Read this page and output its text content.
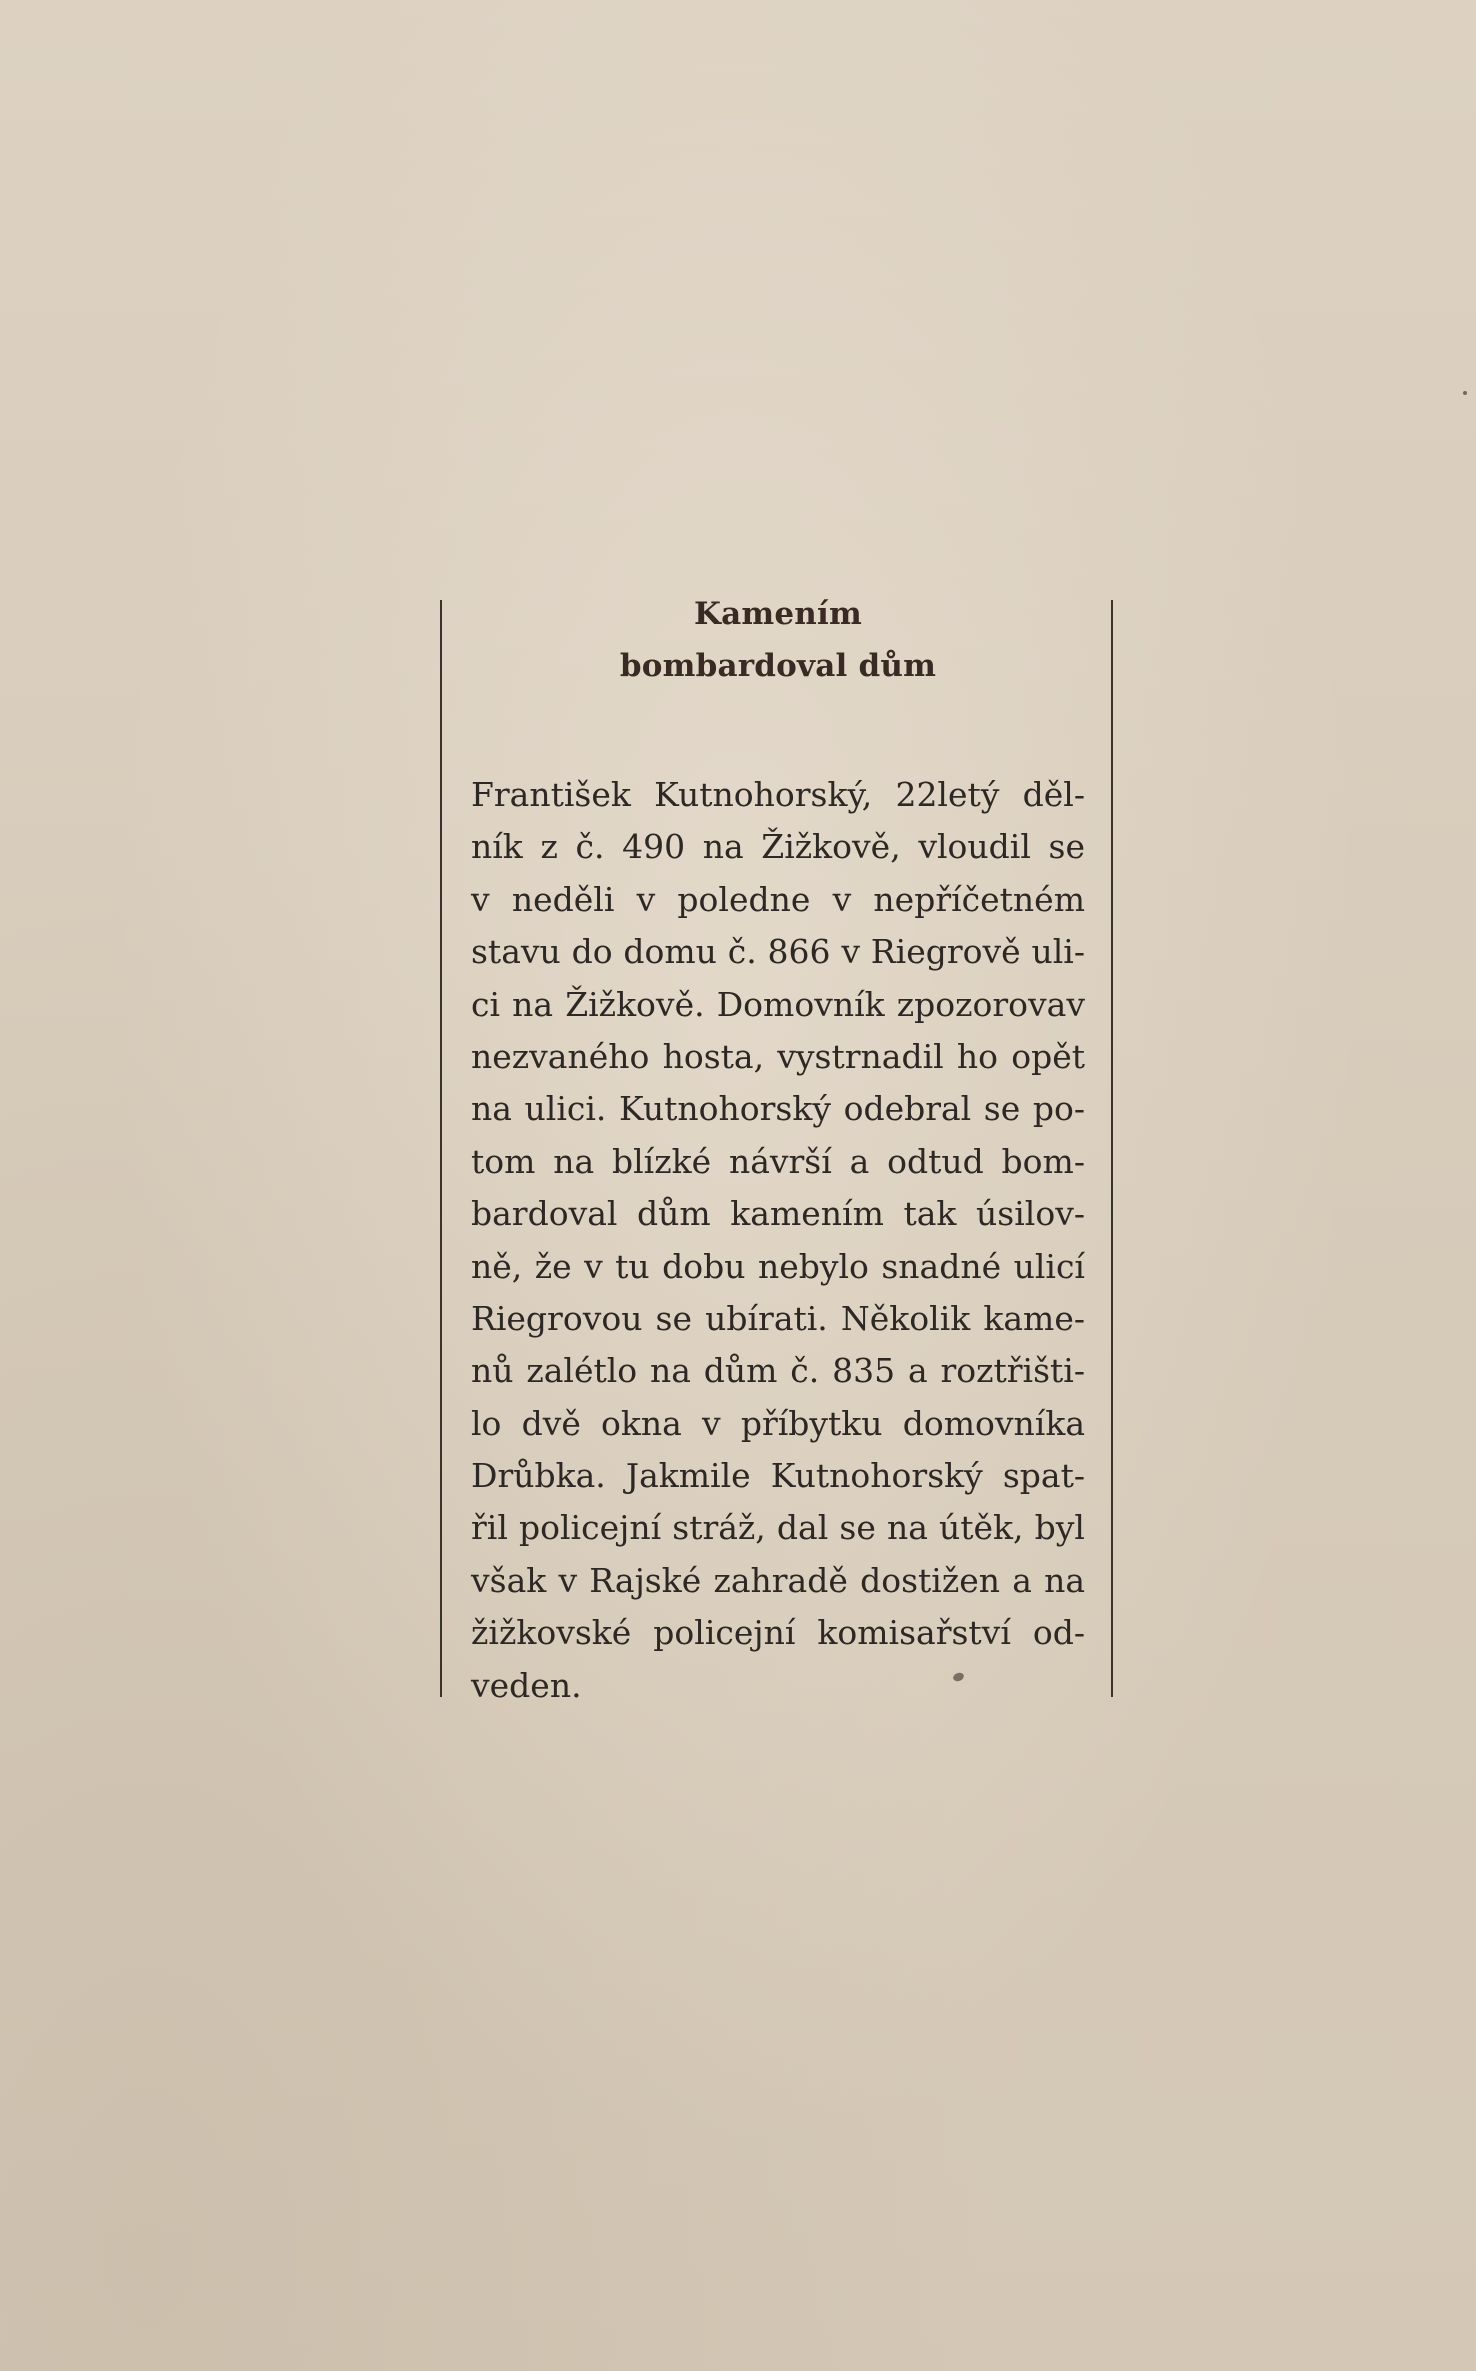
Kamením
bombardoval dům
František Kutnohorský, 22letý děl-
ník z č. 490 na Žižkově, vloudil se
v neděli v poledne v nepříčetném
stavu do domu č. 866 v Riegrově uli-
ci na Žižkově. Domovník zpozorovav
nezvaného hosta, vystrnadil ho opět
na ulici. Kutnohorský odebral se po-
tom na blízké návrší a odtud bom-
bardoval dům kamením tak úsilov-
ně, že v tu dobu nebylo snadné ulicí
Riegrovou se ubírati. Několik kame-
nů zalétlo na dům č. 835 a roztřišti-
lo dvě okna v příbytku domovníka
Drůbka. Jakmile Kutnohorský spat-
řil policejní stráž, dal se na útěk, byl
však v Rajské zahradě dostižen a na
žižkovské policejní komisařství od-
veden.
